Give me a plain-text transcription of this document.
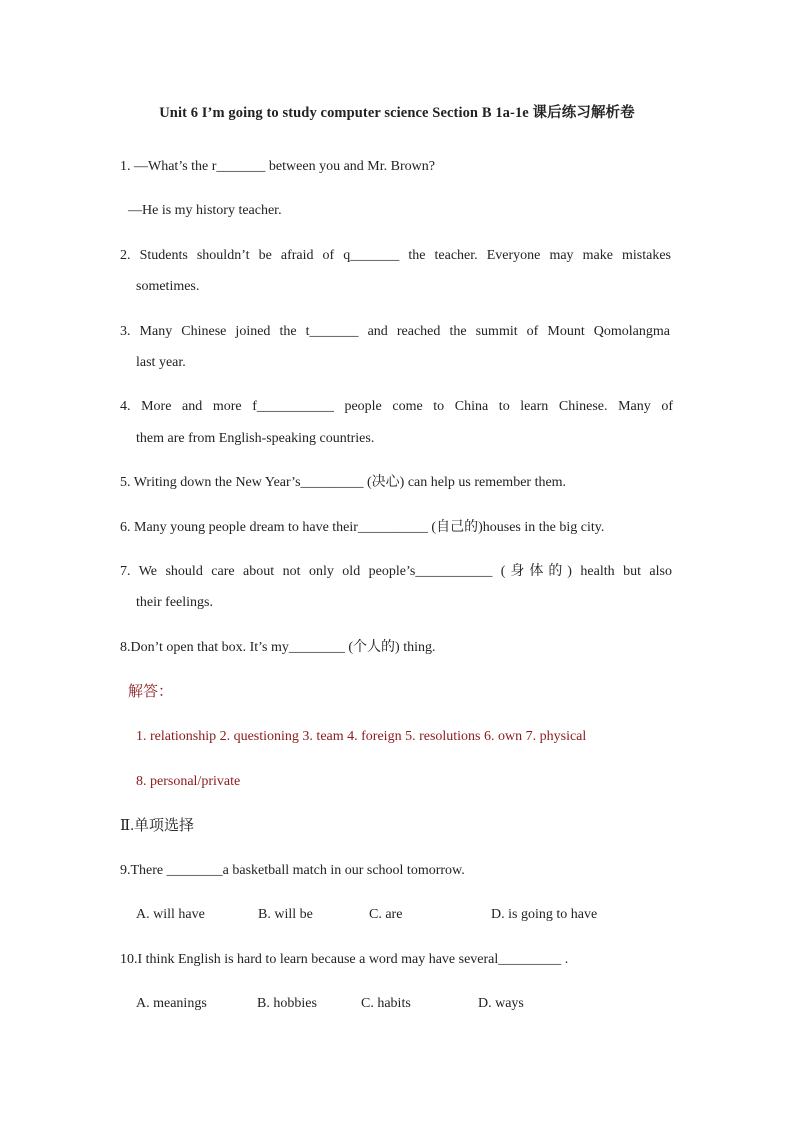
Unit 6 I’m going to study computer science Section B 1a-1e 课后练习解析卷
1. —What’s the r_______ between you and Mr. Brown?
—He is my history teacher.
2. Students shouldn’t be afraid of q_______ the teacher. Everyone may make mistakes
sometimes.
3. Many Chinese joined the t_______ and reached the summit of Mount Qomolangma
last year.
4. More and more f___________ people come to China to learn Chinese. Many of
them are from English-speaking countries.
5. Writing down the New Year’s_________ (决心) can help us remember them.
6. Many young people dream to have their__________ (自己的)houses in the big city.
7. We should care about not only old people’s___________ (身体的) health but also
their feelings.
8.Don’t open that box. It’s my________ (个人的) thing.
解答：
1. relationship 2. questioning 3. team 4. foreign 5. resolutions 6. own 7. physical
8. personal/private
Ⅱ.单项选择
9.There ________a basketball match in our school tomorrow.
A. will have	B. will be	C. are	D. is going to have
10.I think English is hard to learn because a word may have several_________ .
A. meanings	B. hobbies	C. habits	D. ways
